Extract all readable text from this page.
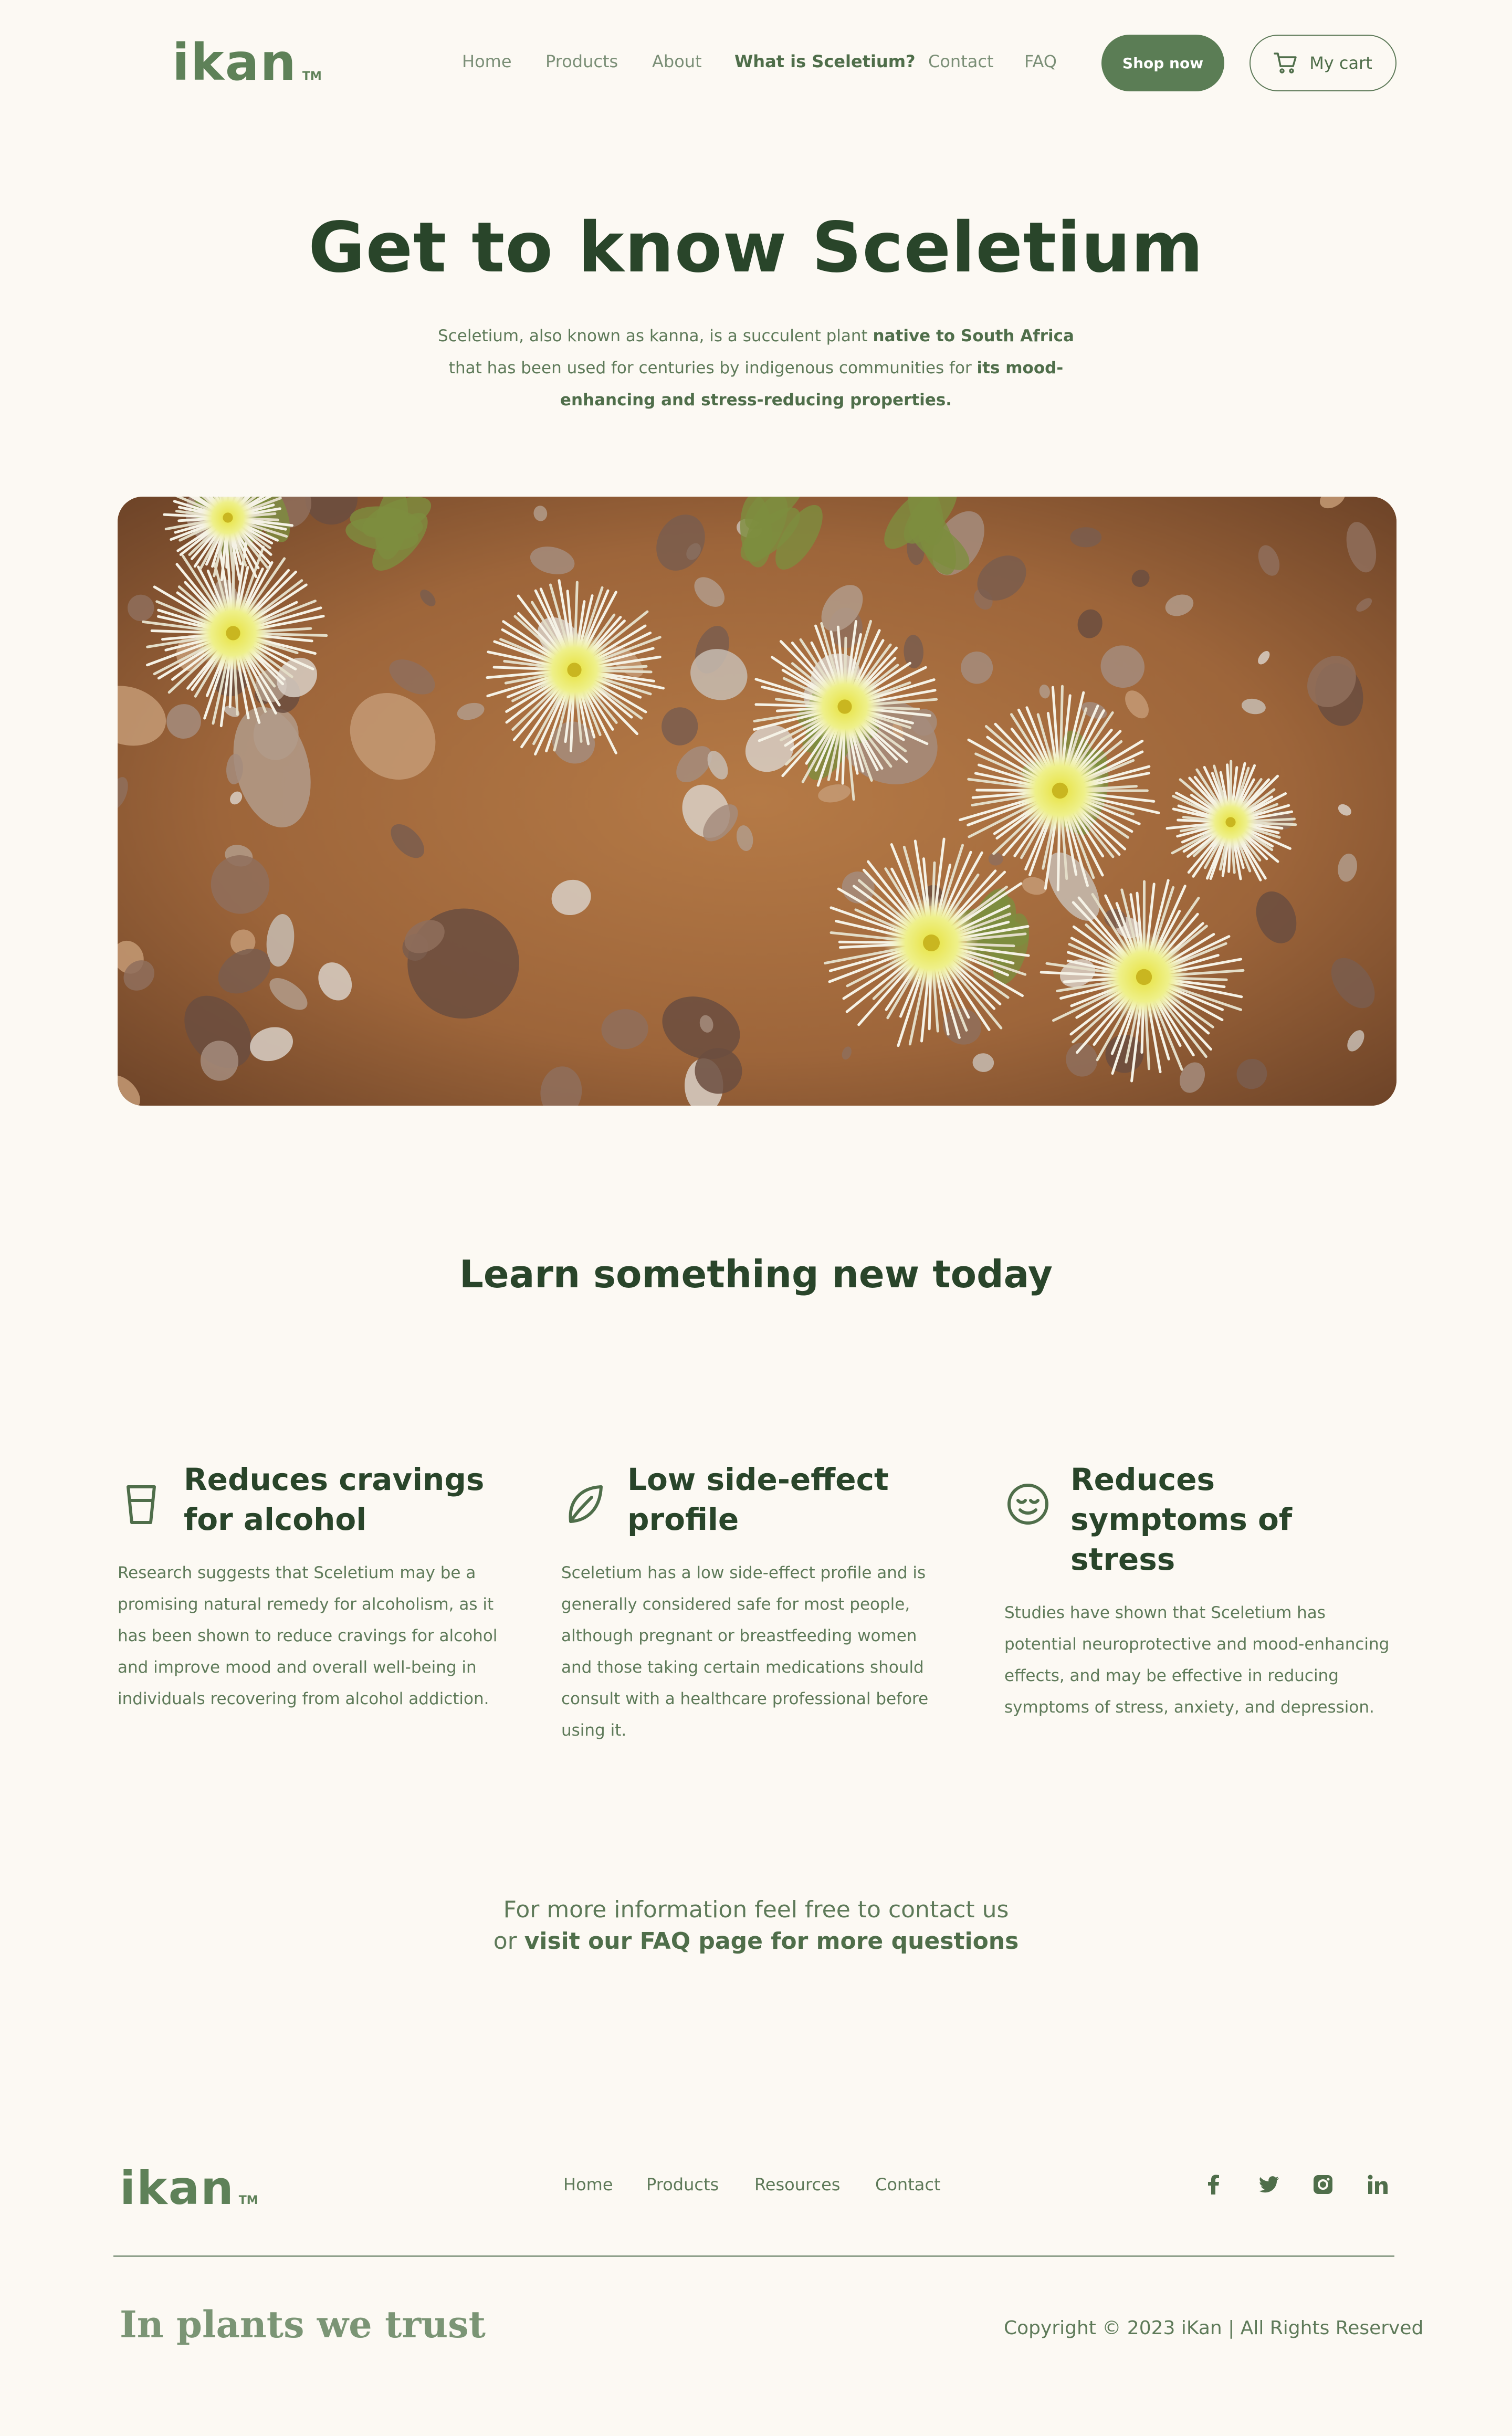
ikan TM
Home Products About What is Sceletium? Contact FAQ	Shop now	My cart
Get to know Sceletium
Sceletium, also known as kanna, is a succulent plant native to South Africa that has been used for centuries by indigenous communities for its mood-enhancing and stress-reducing properties.
Learn something new today
Reduces cravings
for alcohol

Research suggests that Sceletium may be a promising natural remedy for alcoholism, as it has been shown to reduce cravings for alcohol and improve mood and overall well-being in individuals recovering from alcohol addiction.

Low side-effect
profile

Sceletium has a low side-effect profile and is generally considered safe for most people, although pregnant or breastfeeding women and those taking certain medications should consult with a healthcare professional before using it.

Reduces
symptoms of stress

Studies have shown that Sceletium has potential neuroprotective and mood-enhancing effects, and may be effective in reducing symptoms of stress, anxiety, and depression.

For more information feel free to contact us
or visit our FAQ page for more questions
ikan TM
Home Products Resources Contact
In plants we trust	Copyright © 2023 iKan | All Rights Reserved
